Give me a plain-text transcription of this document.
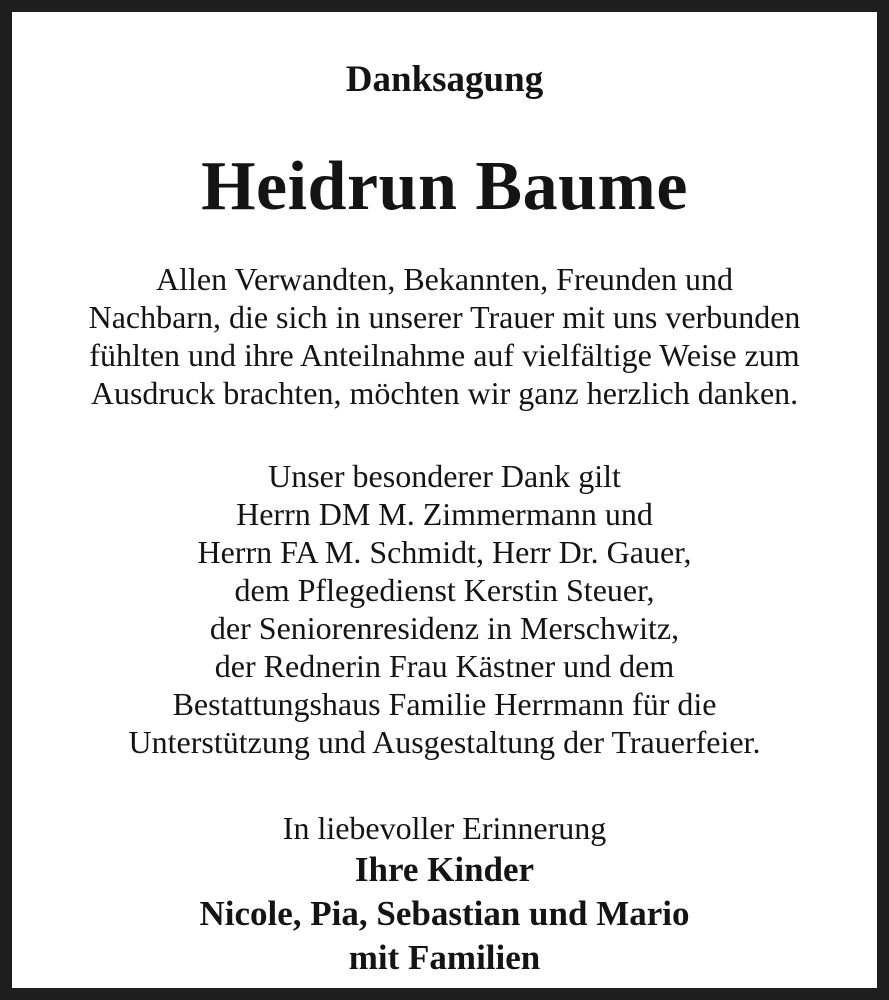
Danksagung
Heidrun Baume

Allen Verwandten, Bekannten, Freunden und
Nachbarn, die sich in unserer Trauer mit uns verbunden
fühlten und ihre Anteilnahme auf vielfältige Weise zum
Ausdruck brachten, möchten wir ganz herzlich danken.

Unser besonderer Dank gilt
Herrn DM M. Zimmermann und
Herrn FA M. Schmidt, Herr Dr. Gauer,
dem Pflegedienst Kerstin Steuer,
der Seniorenresidenz in Merschwitz,
der Rednerin Frau Kästner und dem
Bestattungshaus Familie Herrmann für die
Unterstützung und Ausgestaltung der Trauerfeier.

In liebevoller Erinnerung

Ihre Kinder
Nicole, Pia, Sebastian und Mario
mit Familien
